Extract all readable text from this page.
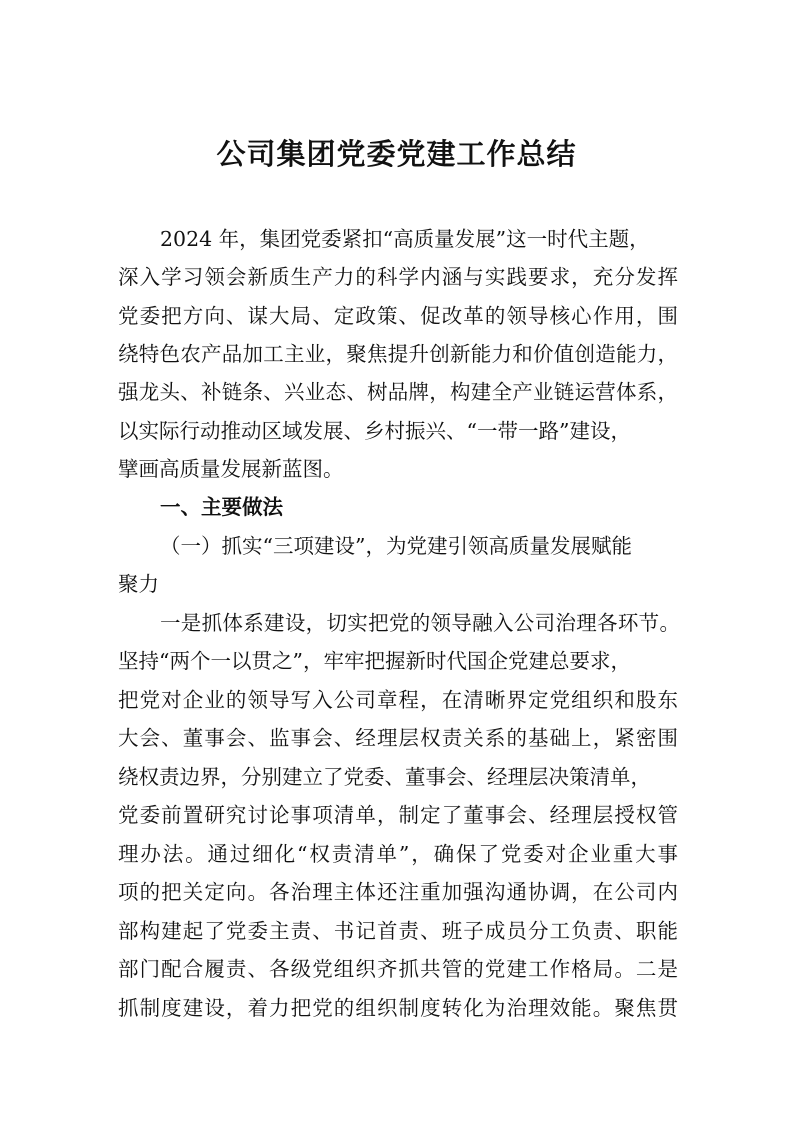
公司集团党委党建工作总结
2024 年，集团党委紧扣“高质量发展”这一时代主题，
深入学习领会新质生产力的科学内涵与实践要求，充分发挥
党委把方向、谋大局、定政策、促改革的领导核心作用，围
绕特色农产品加工主业，聚焦提升创新能力和价值创造能力，
强龙头、补链条、兴业态、树品牌，构建全产业链运营体系，
以实际行动推动区域发展、乡村振兴、“一带一路”建设，
擘画高质量发展新蓝图。
一、主要做法
（一）抓实“三项建设”，为党建引领高质量发展赋能
聚力
一是抓体系建设，切实把党的领导融入公司治理各环节。
坚持“两个一以贯之”，牢牢把握新时代国企党建总要求，
把党对企业的领导写入公司章程，在清晰界定党组织和股东
大会、董事会、监事会、经理层权责关系的基础上，紧密围
绕权责边界，分别建立了党委、董事会、经理层决策清单，
党委前置研究讨论事项清单，制定了董事会、经理层授权管
理办法。通过细化“权责清单”，确保了党委对企业重大事
项的把关定向。各治理主体还注重加强沟通协调，在公司内
部构建起了党委主责、书记首责、班子成员分工负责、职能
部门配合履责、各级党组织齐抓共管的党建工作格局。二是
抓制度建设，着力把党的组织制度转化为治理效能。聚焦贯
